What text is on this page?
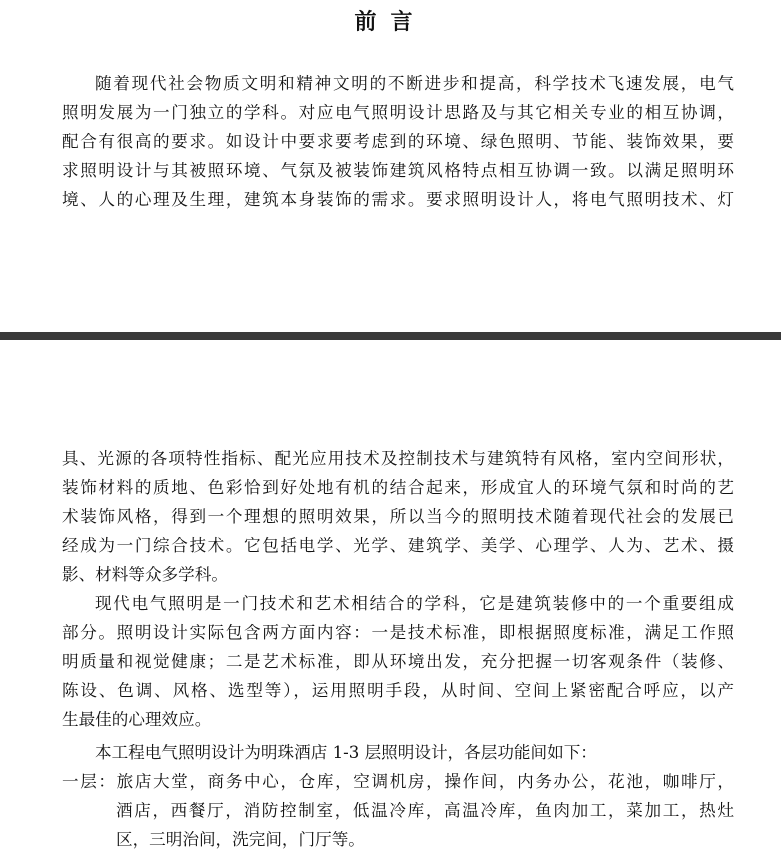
前言
随着现代社会物质文明和精神文明的不断进步和提高，科学技术飞速发展，电气
照明发展为一门独立的学科。对应电气照明设计思路及与其它相关专业的相互协调，
配合有很高的要求。如设计中要求要考虑到的环境、绿色照明、节能、装饰效果，要
求照明设计与其被照环境、气氛及被装饰建筑风格特点相互协调一致。以满足照明环
境、人的心理及生理，建筑本身装饰的需求。要求照明设计人，将电气照明技术、灯
具、光源的各项特性指标、配光应用技术及控制技术与建筑特有风格，室内空间形状，
装饰材料的质地、色彩恰到好处地有机的结合起来，形成宜人的环境气氛和时尚的艺
术装饰风格，得到一个理想的照明效果，所以当今的照明技术随着现代社会的发展已
经成为一门综合技术。它包括电学、光学、建筑学、美学、心理学、人为、艺术、摄
影、材料等众多学科。
现代电气照明是一门技术和艺术相结合的学科，它是建筑装修中的一个重要组成
部分。照明设计实际包含两方面内容：一是技术标准，即根据照度标准，满足工作照
明质量和视觉健康；二是艺术标准，即从环境出发，充分把握一切客观条件（装修、
陈设、色调、风格、选型等），运用照明手段，从时间、空间上紧密配合呼应，以产
生最佳的心理效应。
本工程电气照明设计为明珠酒店 1-3 层照明设计，各层功能间如下：
一层：旅店大堂，商务中心，仓库，空调机房，操作间，内务办公，花池，咖啡厅，
酒店，西餐厅，消防控制室，低温冷库，高温冷库，鱼肉加工，菜加工，热灶
区，三明治间，洗完间，门厅等。
